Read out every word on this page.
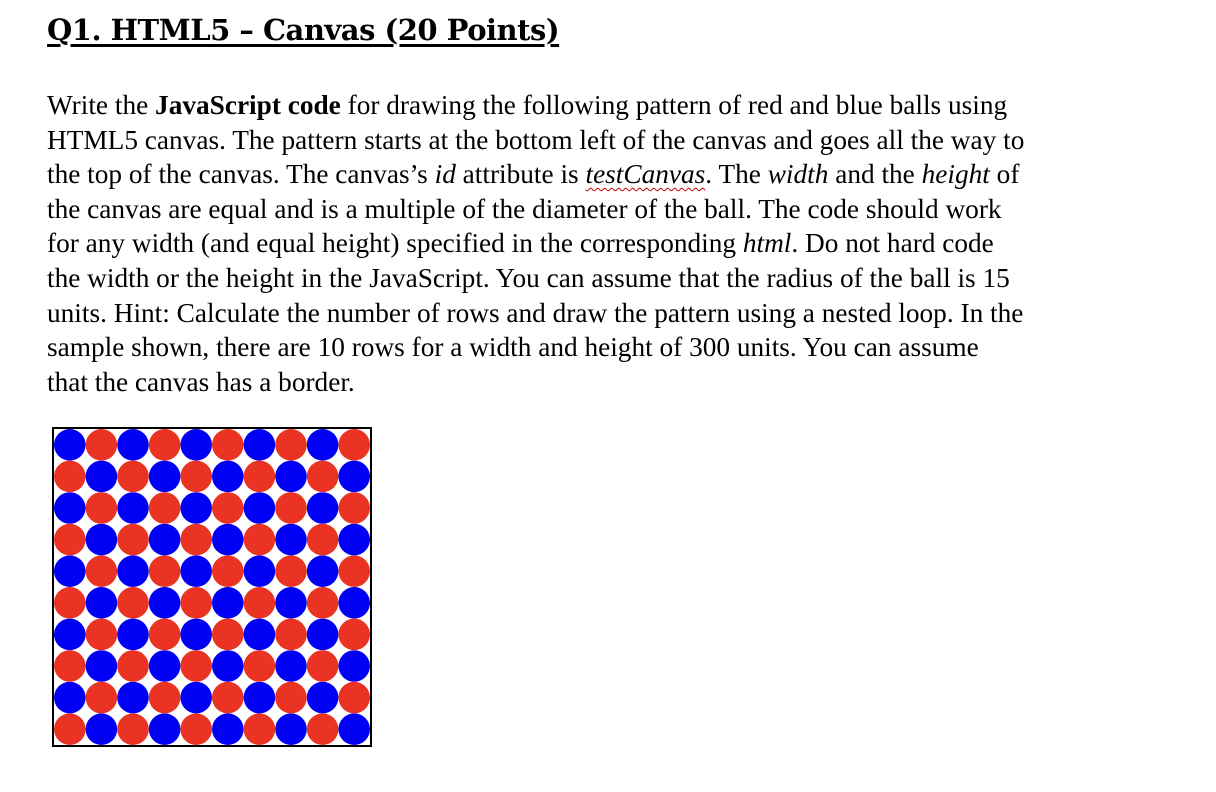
Q1. HTML5 – Canvas (20 Points)
Write the JavaScript code for drawing the following pattern of red and blue balls using
HTML5 canvas. The pattern starts at the bottom left of the canvas and goes all the way to
the top of the canvas. The canvas’s id attribute is testCanvas. The width and the height of
the canvas are equal and is a multiple of the diameter of the ball. The code should work
for any width (and equal height) specified in the corresponding html. Do not hard code
the width or the height in the JavaScript. You can assume that the radius of the ball is 15
units. Hint: Calculate the number of rows and draw the pattern using a nested loop. In the
sample shown, there are 10 rows for a width and height of 300 units. You can assume
that the canvas has a border.
